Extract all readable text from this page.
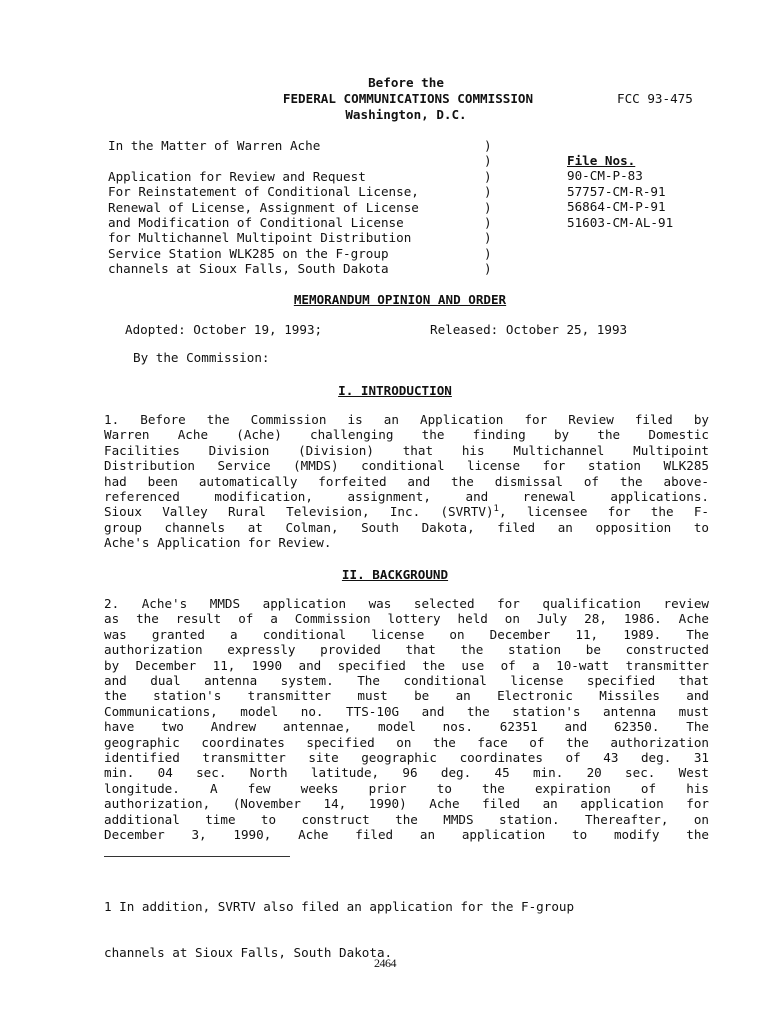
Before the
FEDERAL COMMUNICATIONS COMMISSION
Washington, D.C.
FCC 93-475
In the Matter of Warren Ache
Application for Review and Request
For Reinstatement of Conditional License,
Renewal of License, Assignment of License
and Modification of Conditional License
for Multichannel Multipoint Distribution
Service Station WLK285 on the F-group
channels at Sioux Falls, South Dakota
)
)
)
)
)
)
)
)
)
File Nos.
90-CM-P-83
57757-CM-R-91
56864-CM-P-91
51603-CM-AL-91
MEMORANDUM OPINION AND ORDER
Adopted: October 19, 1993;	Released: October 25, 1993
By the Commission:
I. INTRODUCTION
1. Before the Commission is an Application for Review filed by
Warren Ache (Ache) challenging the finding by the Domestic
Facilities Division (Division) that his Multichannel Multipoint
Distribution Service (MMDS) conditional license for station WLK285
had been automatically forfeited and the dismissal of the above-
referenced modification, assignment, and renewal applications.
Sioux Valley Rural Television, Inc. (SVRTV)$^1$, licensee for the F-
group channels at Colman, South Dakota, filed an opposition to
Ache's Application for Review.
II. BACKGROUND
2. Ache's MMDS application was selected for qualification review
as the result of a Commission lottery held on July 28, 1986. Ache
was granted a conditional license on December 11, 1989. The
authorization expressly provided that the station be constructed
by December 11, 1990 and specified the use of a 10-watt transmitter
and dual antenna system. The conditional license specified that
the station's transmitter must be an Electronic Missiles and
Communications, model no. TTS-10G and the station's antenna must
have two Andrew antennae, model nos. 62351 and 62350. The
geographic coordinates specified on the face of the authorization
identified transmitter site geographic coordinates of 43 deg. 31
min. 04 sec. North latitude, 96 deg. 45 min. 20 sec. West
longitude. A few weeks prior to the expiration of his
authorization, (November 14, 1990) Ache filed an application for
additional time to construct the MMDS station. Thereafter, on
December 3, 1990, Ache filed an application to modify the

1 In addition, SVRTV also filed an application for the F-group

channels at Sioux Falls, South Dakota.

2464
